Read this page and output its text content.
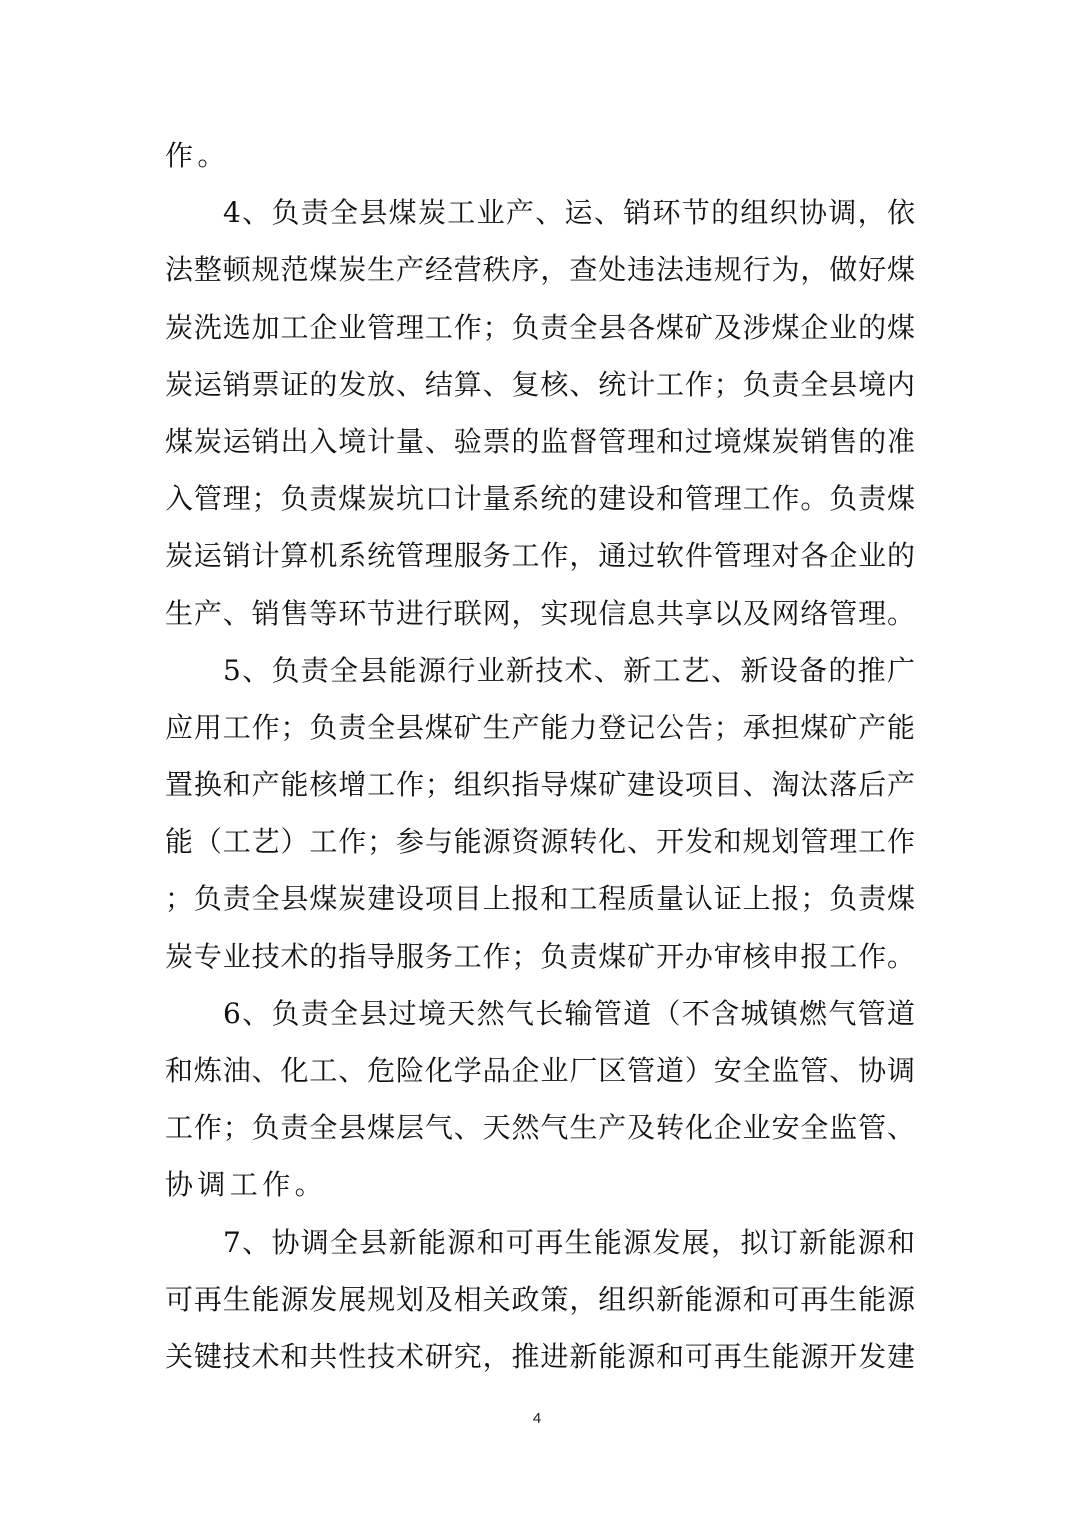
作。
4、负责全县煤炭工业产、运、销环节的组织协调，依
法整顿规范煤炭生产经营秩序，查处违法违规行为，做好煤
炭洗选加工企业管理工作；负责全县各煤矿及涉煤企业的煤
炭运销票证的发放、结算、复核、统计工作；负责全县境内
煤炭运销出入境计量、验票的监督管理和过境煤炭销售的准
入管理；负责煤炭坑口计量系统的建设和管理工作。负责煤
炭运销计算机系统管理服务工作，通过软件管理对各企业的
生产、销售等环节进行联网，实现信息共享以及网络管理。
5、负责全县能源行业新技术、新工艺、新设备的推广
应用工作；负责全县煤矿生产能力登记公告；承担煤矿产能
置换和产能核增工作；组织指导煤矿建设项目、淘汰落后产
能（工艺）工作；参与能源资源转化、开发和规划管理工作
；负责全县煤炭建设项目上报和工程质量认证上报；负责煤
炭专业技术的指导服务工作；负责煤矿开办审核申报工作。
6、负责全县过境天然气长输管道（不含城镇燃气管道
和炼油、化工、危险化学品企业厂区管道）安全监管、协调
工作；负责全县煤层气、天然气生产及转化企业安全监管、
协调工作。
7、协调全县新能源和可再生能源发展，拟订新能源和
可再生能源发展规划及相关政策，组织新能源和可再生能源
关键技术和共性技术研究，推进新能源和可再生能源开发建
4
